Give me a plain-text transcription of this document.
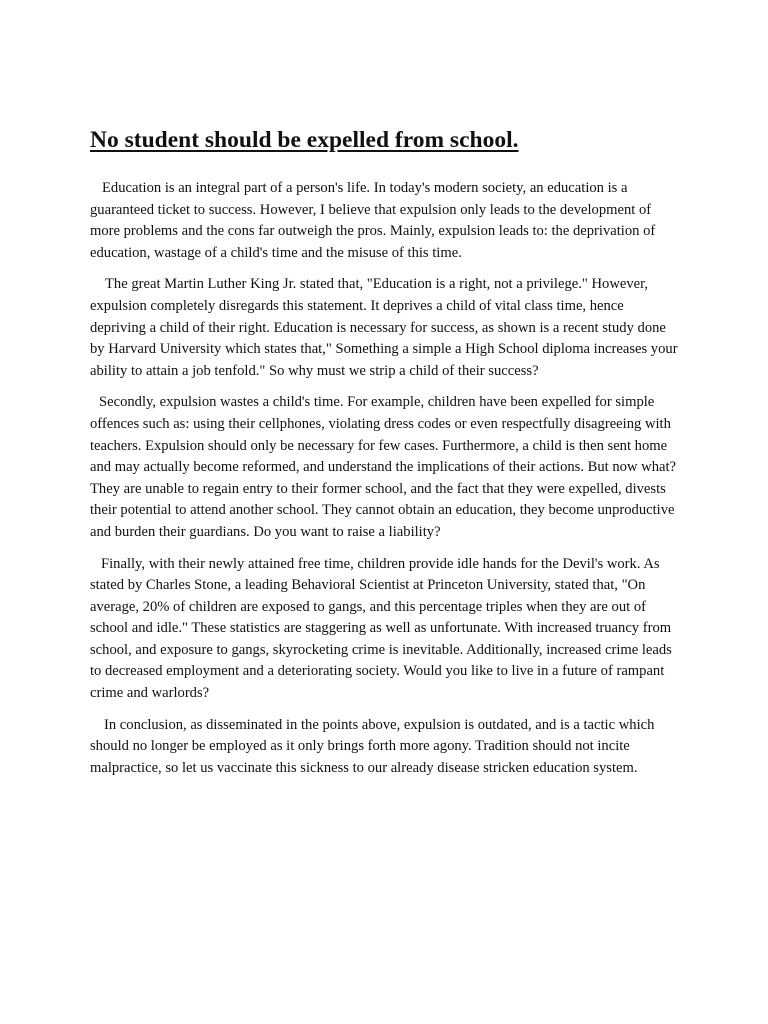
No student should be expelled from school.

Education is an integral part of a person's life. In today's modern society, an education is a guaranteed ticket to success. However, I believe that expulsion only leads to the development of more problems and the cons far outweigh the pros. Mainly, expulsion leads to: the deprivation of education, wastage of a child's time and the misuse of this time.

The great Martin Luther King Jr. stated that, "Education is a right, not a privilege." However, expulsion completely disregards this statement. It deprives a child of vital class time, hence depriving a child of their right. Education is necessary for success, as shown is a recent study done by Harvard University which states that," Something a simple a High School diploma increases your ability to attain a job tenfold." So why must we strip a child of their success?

Secondly, expulsion wastes a child's time. For example, children have been expelled for simple offences such as: using their cellphones, violating dress codes or even respectfully disagreeing with teachers. Expulsion should only be necessary for few cases. Furthermore, a child is then sent home and may actually become reformed, and understand the implications of their actions. But now what? They are unable to regain entry to their former school, and the fact that they were expelled, divests their potential to attend another school. They cannot obtain an education, they become unproductive and burden their guardians. Do you want to raise a liability?

Finally, with their newly attained free time, children provide idle hands for the Devil's work. As stated by Charles Stone, a leading Behavioral Scientist at Princeton University, stated that, "On average, 20% of children are exposed to gangs, and this percentage triples when they are out of school and idle." These statistics are staggering as well as unfortunate. With increased truancy from school, and exposure to gangs, skyrocketing crime is inevitable. Additionally, increased crime leads to decreased employment and a deteriorating society. Would you like to live in a future of rampant crime and warlords?

In conclusion, as disseminated in the points above, expulsion is outdated, and is a tactic which should no longer be employed as it only brings forth more agony. Tradition should not incite malpractice, so let us vaccinate this sickness to our already disease stricken education system.
